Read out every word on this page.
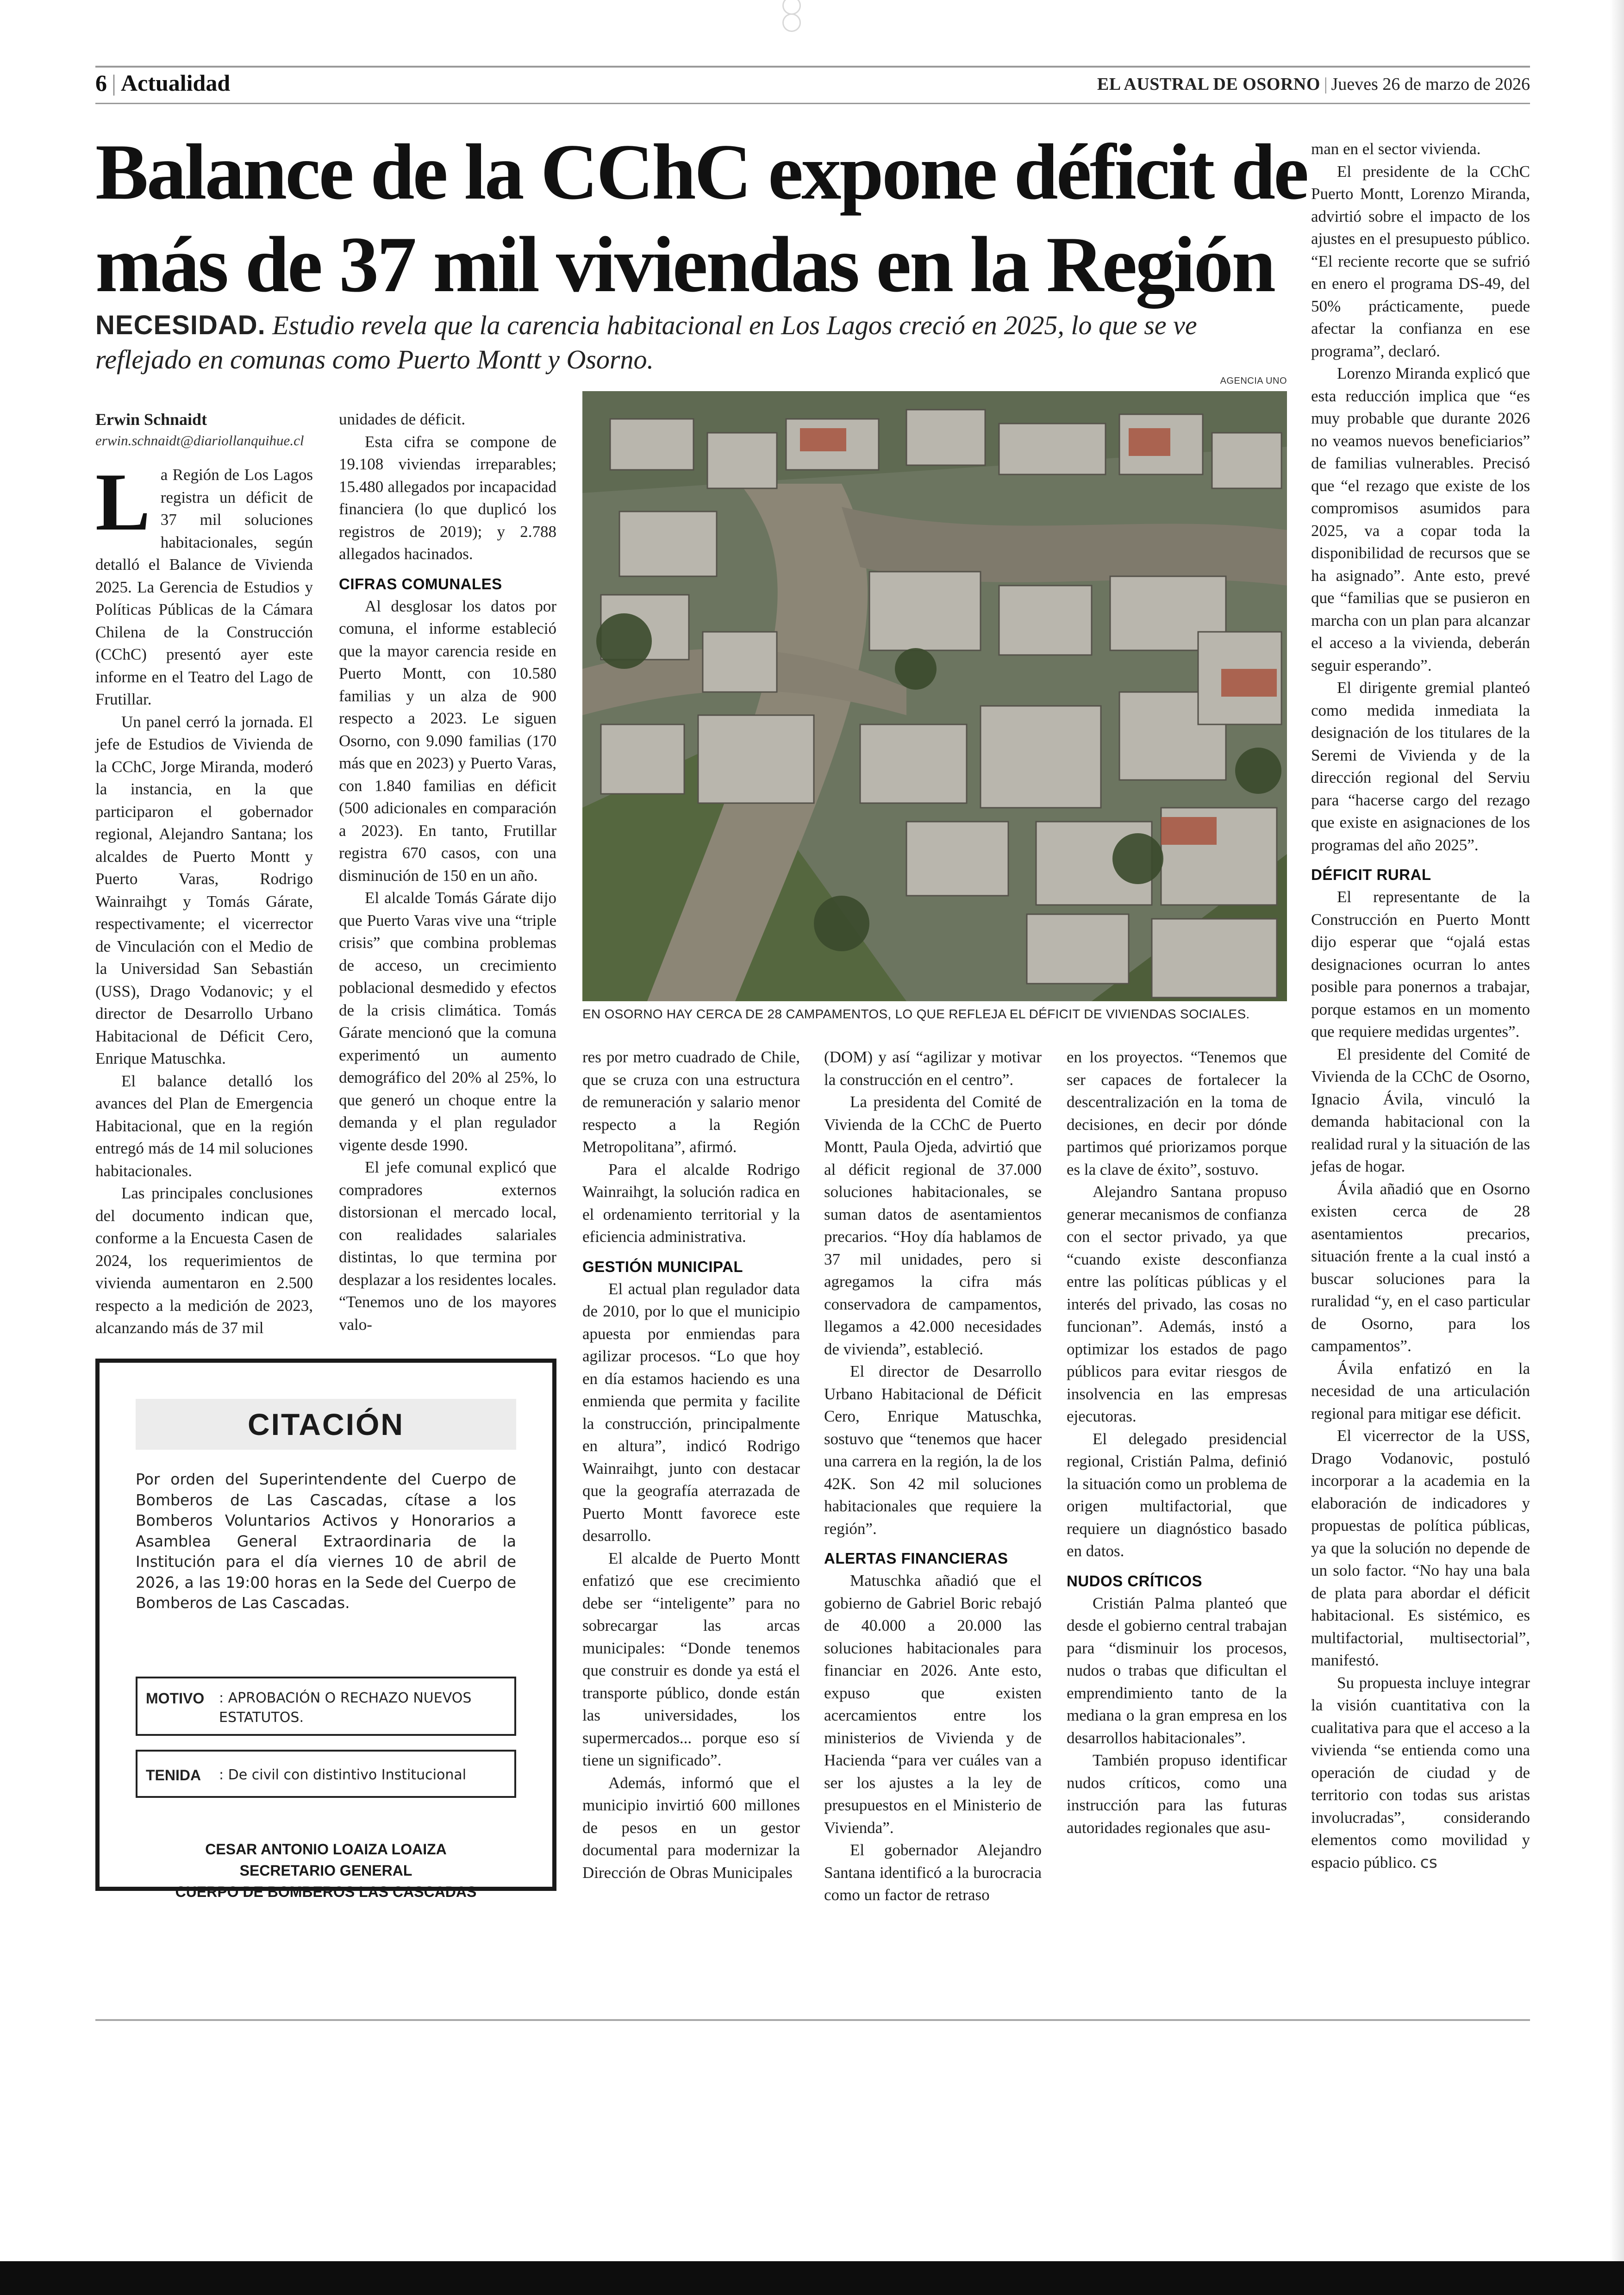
6 | Actualidad	EL AUSTRAL DE OSORNO | Jueves 26 de marzo de 2026
Balance de la CChC expone déficit de
más de 37 mil viviendas en la Región
NECESIDAD. Estudio revela que la carencia habitacional en Los Lagos creció en 2025, lo que se ve
reflejado en comunas como Puerto Montt y Osorno.
Erwin Schnaidt
erwin.schnaidt@diariollanquihue.cl

La Región de Los Lagos registra un déficit de 37 mil soluciones habitacionales, según detalló el Balance de Vivienda 2025. La Gerencia de Estudios y Políticas Públicas de la Cámara Chilena de la Construcción (CChC) presentó ayer este informe en el Teatro del Lago de Frutillar.

Un panel cerró la jornada. El jefe de Estudios de Vivienda de la CChC, Jorge Miranda, moderó la instancia, en la que participaron el gobernador regional, Alejandro Santana; los alcaldes de Puerto Montt y Puerto Varas, Rodrigo Wainraihgt y Tomás Gárate, respectivamente; el vicerrector de Vinculación con el Medio de la Universidad San Sebastián (USS), Drago Vodanovic; y el director de Desarrollo Urbano Habitacional de Déficit Cero, Enrique Matuschka.

El balance detalló los avances del Plan de Emergencia Habitacional, que en la región entregó más de 14 mil soluciones habitacionales.

Las principales conclusiones del documento indican que, conforme a la Encuesta Casen de 2024, los requerimientos de vivienda aumentaron en 2.500 respecto a la medición de 2023, alcanzando más de 37 mil

unidades de déficit.

Esta cifra se compone de 19.108 viviendas irreparables; 15.480 allegados por incapacidad financiera (lo que duplicó los registros de 2019); y 2.788 allegados hacinados.

CIFRAS COMUNALES

Al desglosar los datos por comuna, el informe estableció que la mayor carencia reside en Puerto Montt, con 10.580 familias y un alza de 900 respecto a 2023. Le siguen Osorno, con 9.090 familias (170 más que en 2023) y Puerto Varas, con 1.840 familias en déficit (500 adicionales en comparación a 2023). En tanto, Frutillar registra 670 casos, con una disminución de 150 en un año.

El alcalde Tomás Gárate dijo que Puerto Varas vive una “triple crisis” que combina problemas de acceso, un crecimiento poblacional desmedido y efectos de la crisis climática. Tomás Gárate mencionó que la comuna experimentó un aumento demográfico del 20% al 25%, lo que generó un choque entre la demanda y el plan regulador vigente desde 1990.

El jefe comunal explicó que compradores externos distorsionan el mercado local, con realidades salariales distintas, lo que termina por desplazar a los residentes locales. “Tenemos uno de los mayores valo-

AGENCIA UNO
EN OSORNO HAY CERCA DE 28 CAMPAMENTOS, LO QUE REFLEJA EL DÉFICIT DE VIVIENDAS SOCIALES.

res por metro cuadrado de Chile, que se cruza con una estructura de remuneración y salario menor respecto a la Región Metropolitana”, afirmó.

Para el alcalde Rodrigo Wainraihgt, la solución radica en el ordenamiento territorial y la eficiencia administrativa.

GESTIÓN MUNICIPAL

El actual plan regulador data de 2010, por lo que el municipio apuesta por enmiendas para agilizar procesos. “Lo que hoy en día estamos haciendo es una enmienda que permita y facilite la construcción, principalmente en altura”, indicó Rodrigo Wainraihgt, junto con destacar que la geografía aterrazada de Puerto Montt favorece este desarrollo.

El alcalde de Puerto Montt enfatizó que ese crecimiento debe ser “inteligente” para no sobrecargar las arcas municipales: “Donde tenemos que construir es donde ya está el transporte público, donde están las universidades, los supermercados... porque eso sí tiene un significado”.

Además, informó que el municipio invirtió 600 millones de pesos en un gestor documental para modernizar la Dirección de Obras Municipales

(DOM) y así “agilizar y motivar la construcción en el centro”.

La presidenta del Comité de Vivienda de la CChC de Puerto Montt, Paula Ojeda, advirtió que al déficit regional de 37.000 soluciones habitacionales, se suman datos de asentamientos precarios. “Hoy día hablamos de 37 mil unidades, pero si agregamos la cifra más conservadora de campamentos, llegamos a 42.000 necesidades de vivienda”, estableció.

El director de Desarrollo Urbano Habitacional de Déficit Cero, Enrique Matuschka, sostuvo que “tenemos que hacer una carrera en la región, la de los 42K. Son 42 mil soluciones habitacionales que requiere la región”.

ALERTAS FINANCIERAS

Matuschka añadió que el gobierno de Gabriel Boric rebajó de 40.000 a 20.000 las soluciones habitacionales para financiar en 2026. Ante esto, expuso que existen acercamientos entre los ministerios de Vivienda y de Hacienda “para ver cuáles van a ser los ajustes a la ley de presupuestos en el Ministerio de Vivienda”.

El gobernador Alejandro Santana identificó a la burocracia como un factor de retraso

en los proyectos. “Tenemos que ser capaces de fortalecer la descentralización en la toma de decisiones, en decir por dónde partimos qué priorizamos porque es la clave de éxito”, sostuvo.

Alejandro Santana propuso generar mecanismos de confianza con el sector privado, ya que “cuando existe desconfianza entre las políticas públicas y el interés del privado, las cosas no funcionan”. Además, instó a optimizar los estados de pago públicos para evitar riesgos de insolvencia en las empresas ejecutoras.

El delegado presidencial regional, Cristián Palma, definió la situación como un problema de origen multifactorial, que requiere un diagnóstico basado en datos.

NUDOS CRÍTICOS

Cristián Palma planteó que desde el gobierno central trabajan para “disminuir los procesos, nudos o trabas que dificultan el emprendimiento tanto de la mediana o la gran empresa en los desarrollos habitacionales”.

También propuso identificar nudos críticos, como una instrucción para las futuras autoridades regionales que asu-

man en el sector vivienda.

El presidente de la CChC Puerto Montt, Lorenzo Miranda, advirtió sobre el impacto de los ajustes en el presupuesto público. “El reciente recorte que se sufrió en enero el programa DS-49, del 50% prácticamente, puede afectar la confianza en ese programa”, declaró.

Lorenzo Miranda explicó que esta reducción implica que “es muy probable que durante 2026 no veamos nuevos beneficiarios” de familias vulnerables. Precisó que “el rezago que existe de los compromisos asumidos para 2025, va a copar toda la disponibilidad de recursos que se ha asignado”. Ante esto, prevé que “familias que se pusieron en marcha con un plan para alcanzar el acceso a la vivienda, deberán seguir esperando”.

El dirigente gremial planteó como medida inmediata la designación de los titulares de la Seremi de Vivienda y de la dirección regional del Serviu para “hacerse cargo del rezago que existe en asignaciones de los programas del año 2025”.

DÉFICIT RURAL

El representante de la Construcción en Puerto Montt dijo esperar que “ojalá estas designaciones ocurran lo antes posible para ponernos a trabajar, porque estamos en un momento que requiere medidas urgentes”.

El presidente del Comité de Vivienda de la CChC de Osorno, Ignacio Ávila, vinculó la demanda habitacional con la realidad rural y la situación de las jefas de hogar.

Ávila añadió que en Osorno existen cerca de 28 asentamientos precarios, situación frente a la cual instó a buscar soluciones para la ruralidad “y, en el caso particular de Osorno, para los campamentos”.

Ávila enfatizó en la necesidad de una articulación regional para mitigar ese déficit.

El vicerrector de la USS, Drago Vodanovic, postuló incorporar a la academia en la elaboración de indicadores y propuestas de política públicas, ya que la solución no depende de un solo factor. “No hay una bala de plata para abordar el déficit habitacional. Es sistémico, es multifactorial, multisectorial”, manifestó.

Su propuesta incluye integrar la visión cuantitativa con la cualitativa para que el acceso a la vivienda “se entienda como una operación de ciudad y de territorio con todas sus aristas involucradas”, considerando elementos como movilidad y espacio público. cs

CITACIÓN
Por orden del Superintendente del Cuerpo de Bomberos de Las Cascadas, cítase a los Bomberos Voluntarios Activos y Honorarios a Asamblea General Extraordinaria de la Institución para el día viernes 10 de abril de 2026, a las 19:00 horas en la Sede del Cuerpo de Bomberos de Las Cascadas.
MOTIVO : APROBACIÓN O RECHAZO NUEVOS ESTATUTOS.
TENIDA : De civil con distintivo Institucional
CESAR ANTONIO LOAIZA LOAIZA
SECRETARIO GENERAL
CUERPO DE BOMBEROS LAS CASCADAS
